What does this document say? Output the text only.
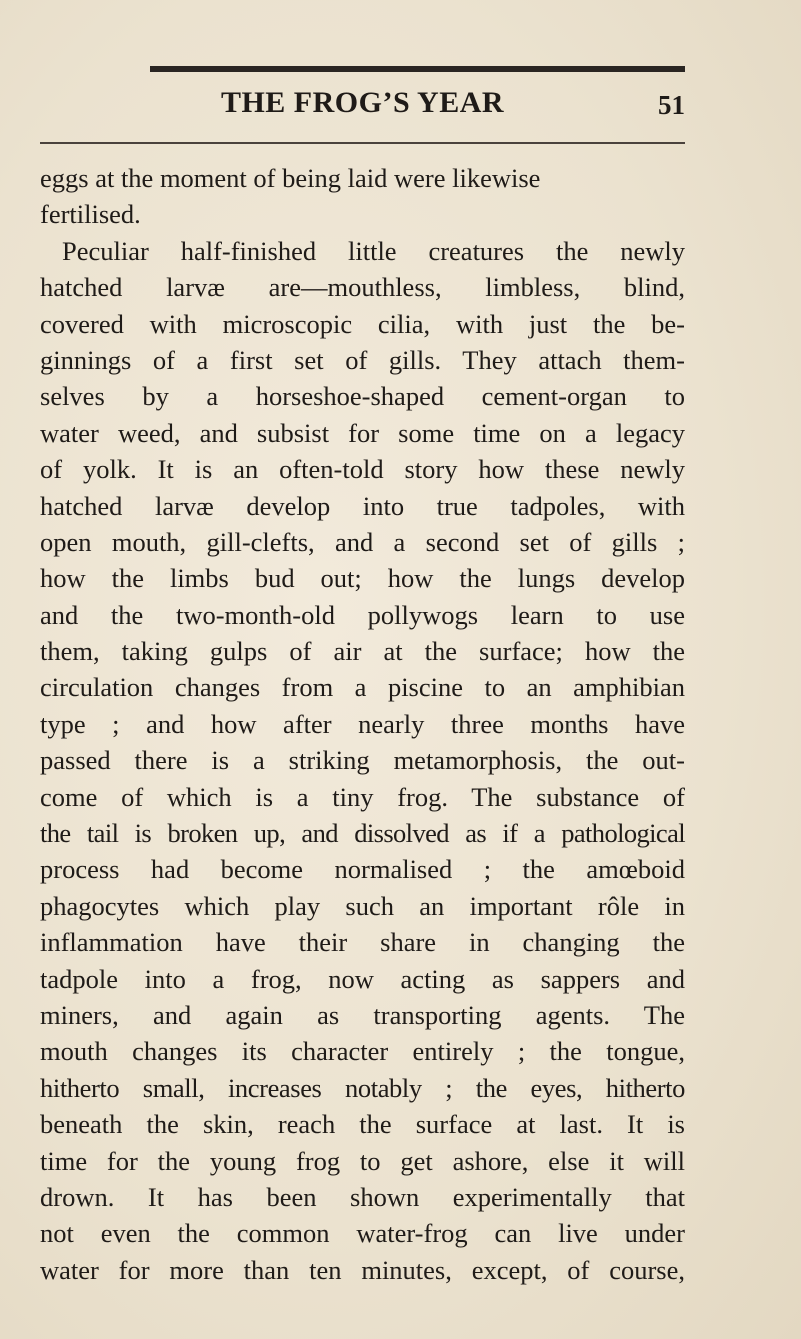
THE FROG’S YEAR	51
eggs at the moment of being laid were likewise
fertilised.
Peculiar half-finished little creatures the newly
hatched larvæ are—mouthless, limbless, blind,
covered with microscopic cilia, with just the be-
ginnings of a first set of gills. They attach them-
selves by a horseshoe-shaped cement-organ to
water weed, and subsist for some time on a legacy
of yolk. It is an often-told story how these newly
hatched larvæ develop into true tadpoles, with
open mouth, gill-clefts, and a second set of gills ;
how the limbs bud out; how the lungs develop
and the two-month-old pollywogs learn to use
them, taking gulps of air at the surface; how the
circulation changes from a piscine to an amphibian
type ; and how after nearly three months have
passed there is a striking metamorphosis, the out-
come of which is a tiny frog. The substance of
the tail is broken up, and dissolved as if a pathological
process had become normalised ; the amœboid
phagocytes which play such an important rôle in
inflammation have their share in changing the
tadpole into a frog, now acting as sappers and
miners, and again as transporting agents. The
mouth changes its character entirely ; the tongue,
hitherto small, increases notably ; the eyes, hitherto
beneath the skin, reach the surface at last. It is
time for the young frog to get ashore, else it will
drown. It has been shown experimentally that
not even the common water-frog can live under
water for more than ten minutes, except, of course,
